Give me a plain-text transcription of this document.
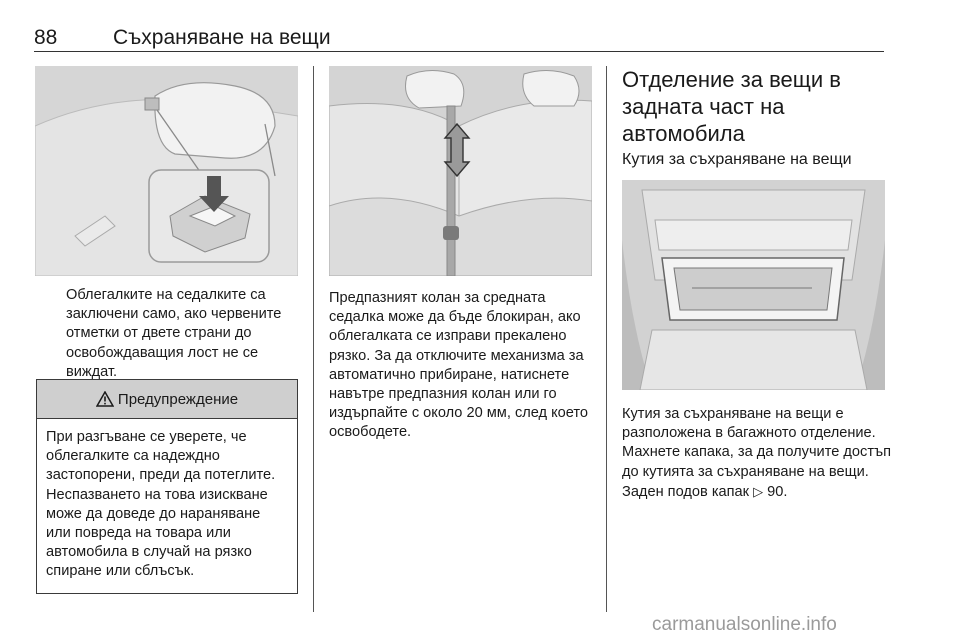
88	Съхраняване на вещи
Облегалките на седалките са заключени само, ако червените отметки от двете страни до освобождаващия лост не се виждат.
Предупреждение
При разгъване се уверете, че облегалките са надеждно застопорени, преди да потеглите. Неспазването на това изискване може да доведе до нараняване или повреда на товара или автомобила в случай на рязко спиране или сблъсък.
Предпазният колан за средната седалка може да бъде блокиран, ако облегалката се изправи прекалено рязко. За да отключите механизма за автоматично прибиране, натиснете навътре предпазния колан или го издърпайте с около 20 мм, след което освободете.
Отделение за вещи в задната част на автомобила
Кутия за съхраняване на вещи
Кутия за съхраняване на вещи е разположена в багажното отделение. Махнете капака, за да получите достъп до кутията за съхраняване на вещи. Заден подов капак ▷ 90.
carmanualsonline.info
